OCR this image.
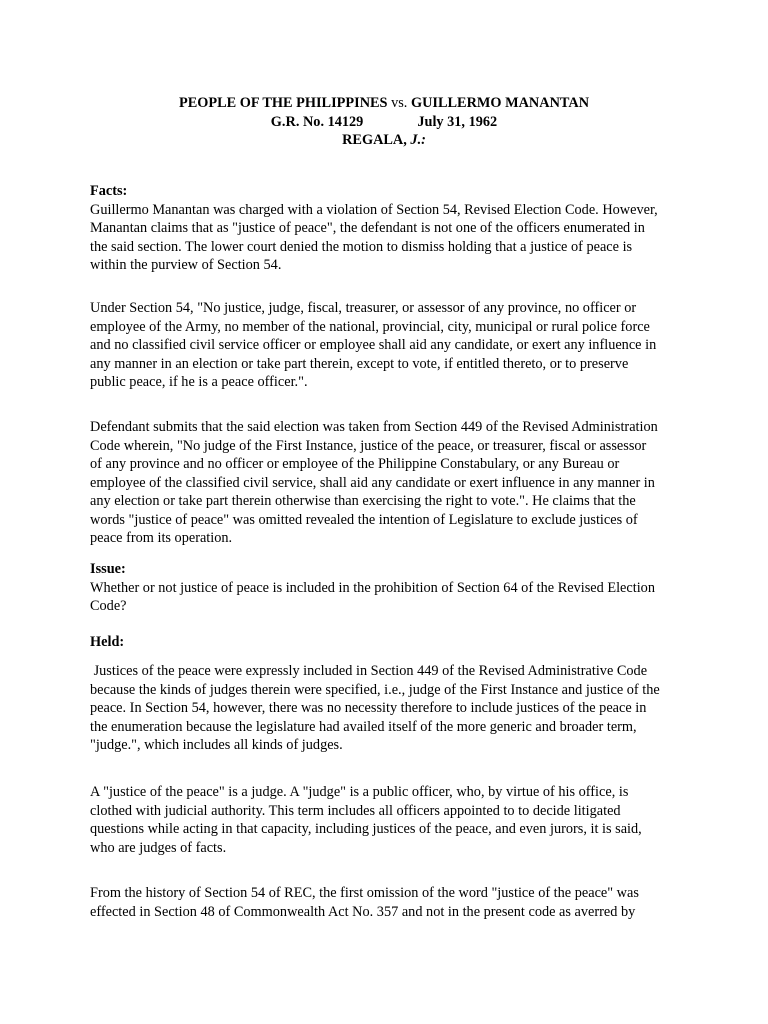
PEOPLE OF THE PHILIPPINES vs. GUILLERMO MANANTAN
G.R. No. 14129	July 31, 1962
REGALA, J.:

Facts:

Guillermo Manantan was charged with a violation of Section 54, Revised Election Code. However, Manantan claims that as "justice of peace", the defendant is not one of the officers enumerated in the said section. The lower court denied the motion to dismiss holding that a justice of peace is within the purview of Section 54.

Under Section 54, "No justice, judge, fiscal, treasurer, or assessor of any province, no officer or employee of the Army, no member of the national, provincial, city, municipal or rural police force and no classified civil service officer or employee shall aid any candidate, or exert any influence in any manner in an election or take part therein, except to vote, if entitled thereto, or to preserve public peace, if he is a peace officer.".

Defendant submits that the said election was taken from Section 449 of the Revised Administration Code wherein, "No judge of the First Instance, justice of the peace, or treasurer, fiscal or assessor of any province and no officer or employee of the Philippine Constabulary, or any Bureau or employee of the classified civil service, shall aid any candidate or exert influence in any manner in any election or take part therein otherwise than exercising the right to vote.". He claims that the words "justice of peace" was omitted revealed the intention of Legislature to exclude justices of peace from its operation.

Issue:

Whether or not justice of peace is included in the prohibition of Section 64 of the Revised Election Code?

Held:

Justices of the peace were expressly included in Section 449 of the Revised Administrative Code because the kinds of judges therein were specified, i.e., judge of the First Instance and justice of the peace. In Section 54, however, there was no necessity therefore to include justices of the peace in the enumeration because the legislature had availed itself of the more generic and broader term, "judge.", which includes all kinds of judges.

A "justice of the peace" is a judge. A "judge" is a public officer, who, by virtue of his office, is clothed with judicial authority. This term includes all officers appointed to to decide litigated questions while acting in that capacity, including justices of the peace, and even jurors, it is said, who are judges of facts.

From the history of Section 54 of REC, the first omission of the word "justice of the peace" was effected in Section 48 of Commonwealth Act No. 357 and not in the present code as averred by
